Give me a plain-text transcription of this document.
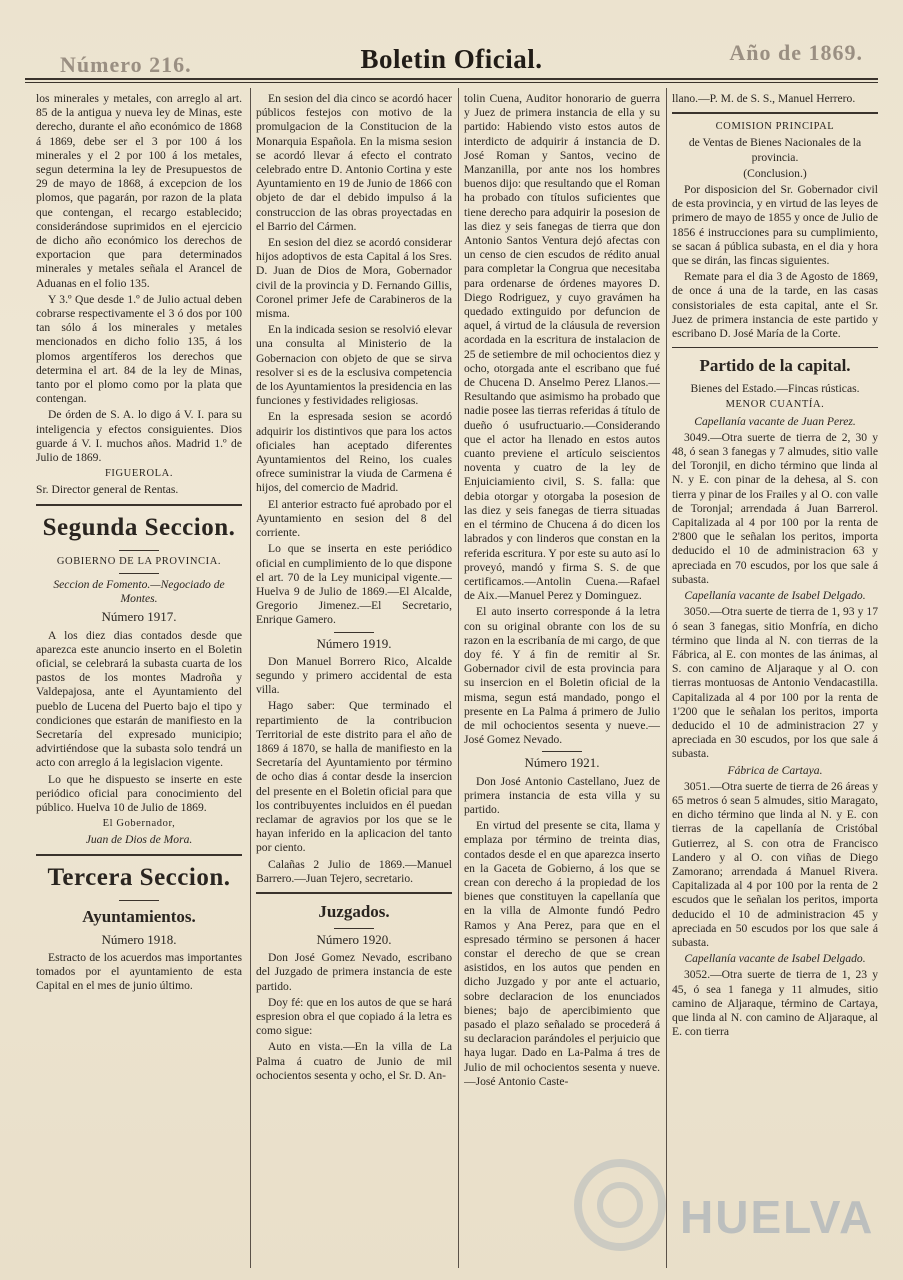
Número 216.	Boletin Oficial.	Año de 1869.

los minerales y metales, con arreglo al art. 85 de la antigua y nueva ley de Minas, este derecho, durante el año económico de 1868 á 1869, debe ser el 3 por 100 á los minerales y el 2 por 100 á los metales, segun determina la ley de Presupuestos de 29 de mayo de 1868, á excepcion de los plomos, que pagarán, por razon de la plata que contengan, el recargo establecido; considerándose suprimidos en el ejercicio de dicho año económico los derechos de exportacion que para determinados minerales y metales señala el Arancel de Aduanas en el folio 135.

Y 3.º Que desde 1.º de Julio actual deben cobrarse respectivamente el 3 ó dos por 100 tan sólo á los minerales y metales mencionados en dicho folio 135, á los plomos argentíferos los derechos que determina el art. 84 de la ley de Minas, tanto por el plomo como por la plata que contengan.

De órden de S. A. lo digo á V. I. para su inteligencia y efectos consiguientes. Dios guarde á V. I. muchos años. Madrid 1.º de Julio de 1869.

FIGUEROLA.

Sr. Director general de Rentas.

Segunda Seccion.

GOBIERNO DE LA PROVINCIA.

Seccion de Fomento.—Negociado de Montes.

Número 1917.

A los diez dias contados desde que aparezca este anuncio inserto en el Boletin oficial, se celebrará la subasta cuarta de los pastos de los montes Madroña y Valdepajosa, ante el Ayuntamiento del pueblo de Lucena del Puerto bajo el tipo y condiciones que estarán de manifiesto en la Secretaría del expresado municipio; advirtiéndose que la subasta solo tendrá un acto con arreglo á la legislacion vigente.

Lo que he dispuesto se inserte en este periódico oficial para conocimiento del público. Huelva 10 de Julio de 1869.

El Gobernador,

Juan de Dios de Mora.

Tercera Seccion.
Ayuntamientos.
Número 1918.

Estracto de los acuerdos mas importantes tomados por el ayuntamiento de esta Capital en el mes de junio último.

En sesion del dia cinco se acordó hacer públicos festejos con motivo de la promulgacion de la Constitucion de la Monarquia Española. En la misma sesion se acordó llevar á efecto el contrato celebrado entre D. Antonio Cortina y este Ayuntamiento en 19 de Junio de 1866 con objeto de dar el debido impulso á la construccion de las obras proyectadas en el Barrio del Cármen.

En sesion del diez se acordó considerar hijos adoptivos de esta Capital á los Sres. D. Juan de Dios de Mora, Gobernador civil de la provincia y D. Fernando Gillis, Coronel primer Jefe de Carabineros de la misma.

En la indicada sesion se resolvió elevar una consulta al Ministerio de la Gobernacion con objeto de que se sirva resolver si es de la esclusiva competencia de los Ayuntamientos la presidencia en las funciones y festividades religiosas.

En la espresada sesion se acordó adquirir los distintivos que para los actos oficiales han aceptado diferentes Ayuntamientos del Reino, los cuales ofrece suministrar la viuda de Carmena é hijos, del comercio de Madrid.

El anterior estracto fué aprobado por el Ayuntamiento en sesion del 8 del corriente.

Lo que se inserta en este periódico oficial en cumplimiento de lo que dispone el art. 70 de la Ley municipal vigente.—Huelva 9 de Julio de 1869.—El Alcalde, Gregorio Jimenez.—El Secretario, Enrique Gamero.

Número 1919.

Don Manuel Borrero Rico, Alcalde segundo y primero accidental de esta villa.

Hago saber: Que terminado el repartimiento de la contribucion Territorial de este distrito para el año de 1869 á 1870, se halla de manifiesto en la Secretaría del Ayuntamiento por término de ocho dias á contar desde la insercion del presente en el Boletin oficial para que los contribuyentes incluidos en él puedan reclamar de agravios por los que se le hayan inferido en la aplicacion del tanto por ciento.

Calañas 2 Julio de 1869.—Manuel Barrero.—Juan Tejero, secretario.

Juzgados.
Número 1920.

Don José Gomez Nevado, escribano del Juzgado de primera instancia de este partido.

Doy fé: que en los autos de que se hará espresion obra el que copiado á la letra es como sigue:

Auto en vista.—En la villa de La Palma á cuatro de Junio de mil ochocientos sesenta y ocho, el Sr. D. An-

tolin Cuena, Auditor honorario de guerra y Juez de primera instancia de ella y su partido: Habiendo visto estos autos de interdicto de adquirir á instancia de D. José Roman y Santos, vecino de Manzanilla, por ante nos los hombres buenos dijo: que resultando que el Roman ha probado con títulos suficientes que tiene derecho para adquirir la posesion de las diez y seis fanegas de tierra que don Antonio Santos Ventura dejó afectas con un censo de cien escudos de rédito anual para completar la Congrua que necesitaba para ordenarse de órdenes mayores D. Diego Rodriguez, y cuyo gravámen ha quedado extinguido por defuncion de aquel, á virtud de la cláusula de reversion acordada en la escritura de instalacion de 25 de setiembre de mil ochocientos diez y ocho, otorgada ante el escribano que fué de Chucena D. Anselmo Perez Llanos.—Resultando que asimismo ha probado que nadie posee las tierras referidas á título de dueño ó usufructuario.—Considerando que el actor ha llenado en estos autos cuanto previene el artículo seiscientos noventa y cuatro de la ley de Enjuiciamiento civil, S. S. falla: que debia otorgar y otorgaba la posesion de las diez y seis fanegas de tierra situadas en el término de Chucena á do dicen los labrados y con linderos que constan en la referida escritura. Y por este su auto así lo proveyó, mandó y firma S. S. de que certificamos.—Antolin Cuena.—Rafael de Aix.—Manuel Perez y Dominguez.

El auto inserto corresponde á la letra con su original obrante con los de su razon en la escribanía de mi cargo, de que doy fé. Y á fin de remitir al Sr. Gobernador civil de esta provincia para su insercion en el Boletin oficial de la misma, segun está mandado, pongo el presente en La Palma á primero de Julio de mil ochocientos sesenta y nueve.—José Gomez Nevado.

Número 1921.

Don José Antonio Castellano, Juez de primera instancia de esta villa y su partido.

En virtud del presente se cita, llama y emplaza por término de treinta dias, contados desde el en que aparezca inserto en la Gaceta de Gobierno, á los que se crean con derecho á la propiedad de los bienes que constituyen la capellanía que en la villa de Almonte fundó Pedro Ramos y Ana Perez, para que en el espresado término se personen á hacer constar el derecho de que se crean asistidos, en los autos que penden en dicho Juzgado y por ante el actuario, sobre declaracion de los enunciados bienes; bajo de apercibimiento que pasado el plazo señalado se procederá á su declaracion parándoles el perjuicio que haya lugar. Dado en La-Palma á tres de Julio de mil ochocientos sesenta y nueve.—José Antonio Caste-

llano.—P. M. de S. S., Manuel Herrero.

COMISION PRINCIPAL

de Ventas de Bienes Nacionales de la provincia.

(Conclusion.)

Por disposicion del Sr. Gobernador civil de esta provincia, y en virtud de las leyes de primero de mayo de 1855 y once de Julio de 1856 é instrucciones para su cumplimiento, se sacan á pública subasta, en el dia y hora que se dirán, las fincas siguientes.

Remate para el dia 3 de Agosto de 1869, de once á una de la tarde, en las casas consistoriales de esta capital, ante el Sr. Juez de primera instancia de este partido y escribano D. José María de la Corte.

Partido de la capital.

Bienes del Estado.—Fincas rústicas.

MENOR CUANTÍA.

Capellanía vacante de Juan Perez.

3049.—Otra suerte de tierra de 2, 30 y 48, ó sean 3 fanegas y 7 almudes, sitio valle del Toronjil, en dicho término que linda al N. y E. con pinar de la dehesa, al S. con tierra y pinar de los Frailes y al O. con valle de Toronjal; arrendada á Juan Barrerol. Capitalizada al 4 por 100 por la renta de 2'800 que le señalan los peritos, importa deducido el 10 de administracion 63 y apreciada en 70 escudos, por los que sale á subasta.

Capellanía vacante de Isabel Delgado.

3050.—Otra suerte de tierra de 1, 93 y 17 ó sean 3 fanegas, sitio Monfría, en dicho término que linda al N. con tierras de la Fábrica, al E. con montes de las ánimas, al S. con camino de Aljaraque y al O. con tierras montuosas de Antonio Vendacastilla. Capitalizada al 4 por 100 por la renta de 1'200 que le señalan los peritos, importa deducido el 10 de administracion 27 y apreciada en 30 escudos, por los que sale á subasta.

Fábrica de Cartaya.

3051.—Otra suerte de tierra de 26 áreas y 65 metros ó sean 5 almudes, sitio Maragato, en dicho término que linda al N. y E. con tierras de la capellanía de Cristóbal Gutierrez, al S. con otra de Francisco Landero y al O. con viñas de Diego Zamorano; arrendada á Manuel Rivera. Capitalizada al 4 por 100 por la renta de 2 escudos que le señalan los peritos, importa deducido el 10 de administracion 45 y apreciada en 50 escudos por los que sale á subasta.

Capellanía vacante de Isabel Delgado.

3052.—Otra suerte de tierra de 1, 23 y 45, ó sea 1 fanega y 11 almudes, sitio camino de Aljaraque, término de Cartaya, que linda al N. con camino de Aljaraque, al E. con tierra

HUELVA
